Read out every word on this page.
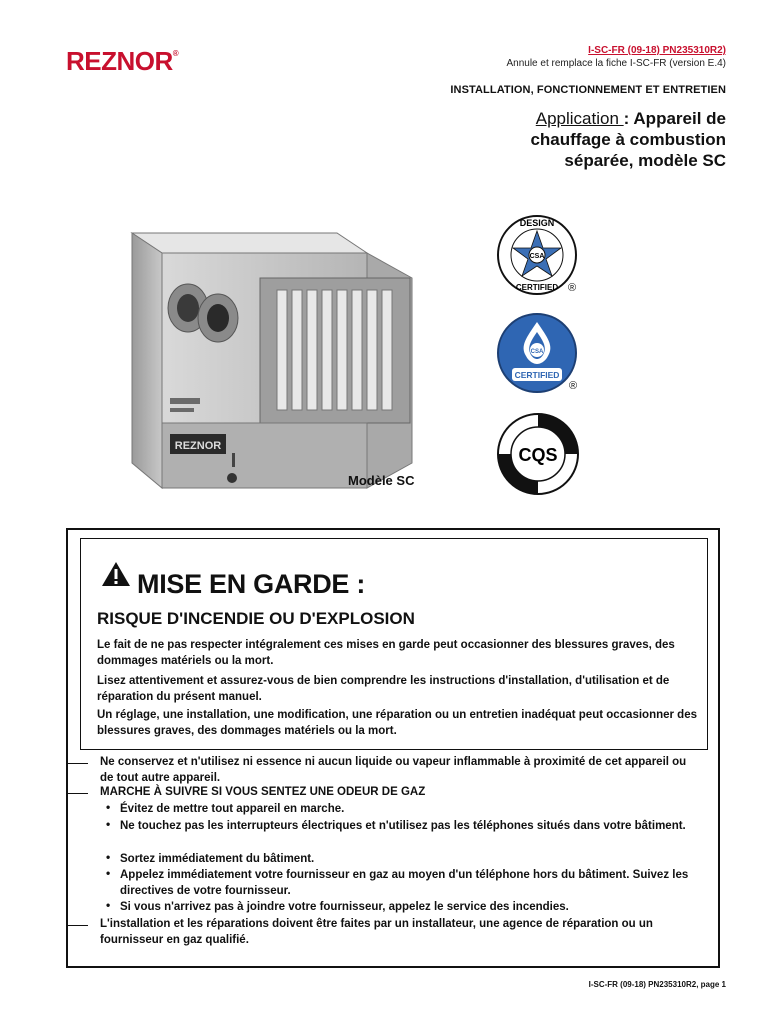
REZNOR®	I-SC-FR (09-18) PN235310R2)
Annule et remplace la fiche I-SC-FR (version E.4)
INSTALLATION, FONCTIONNEMENT ET ENTRETIEN
Application : Appareil de chauffage à combustion séparée, modèle SC
REZNOR
Modèle SC
CSA
DESIGN
CERTIFIED ®
CSA
CERTIFIED
®
CQS
MISE EN GARDE :
RISQUE D'INCENDIE OU D'EXPLOSION
Le fait de ne pas respecter intégralement ces mises en garde peut occasionner des blessures graves, des dommages matériels ou la mort.
Lisez attentivement et assurez-vous de bien comprendre les instructions d'installation, d'utilisation et de réparation du présent manuel.
Un réglage, une installation, une modification, une réparation ou un entretien inadéquat peut occasionner des blessures graves, des dommages matériels ou la mort.
Ne conservez et n'utilisez ni essence ni aucun liquide ou vapeur inflammable à proximité de cet appareil ou de tout autre appareil.
MARCHE À SUIVRE SI VOUS SENTEZ UNE ODEUR DE GAZ
• Évitez de mettre tout appareil en marche.
• Ne touchez pas les interrupteurs électriques et n'utilisez pas les téléphones situés dans votre bâtiment.
• Sortez immédiatement du bâtiment.
• Appelez immédiatement votre fournisseur en gaz au moyen d'un téléphone hors du bâtiment. Suivez les directives de votre fournisseur.
• Si vous n'arrivez pas à joindre votre fournisseur, appelez le service des incendies.
L'installation et les réparations doivent être faites par un installateur, une agence de réparation ou un fournisseur en gaz qualifié.
I-SC-FR (09-18) PN235310R2, page 1
